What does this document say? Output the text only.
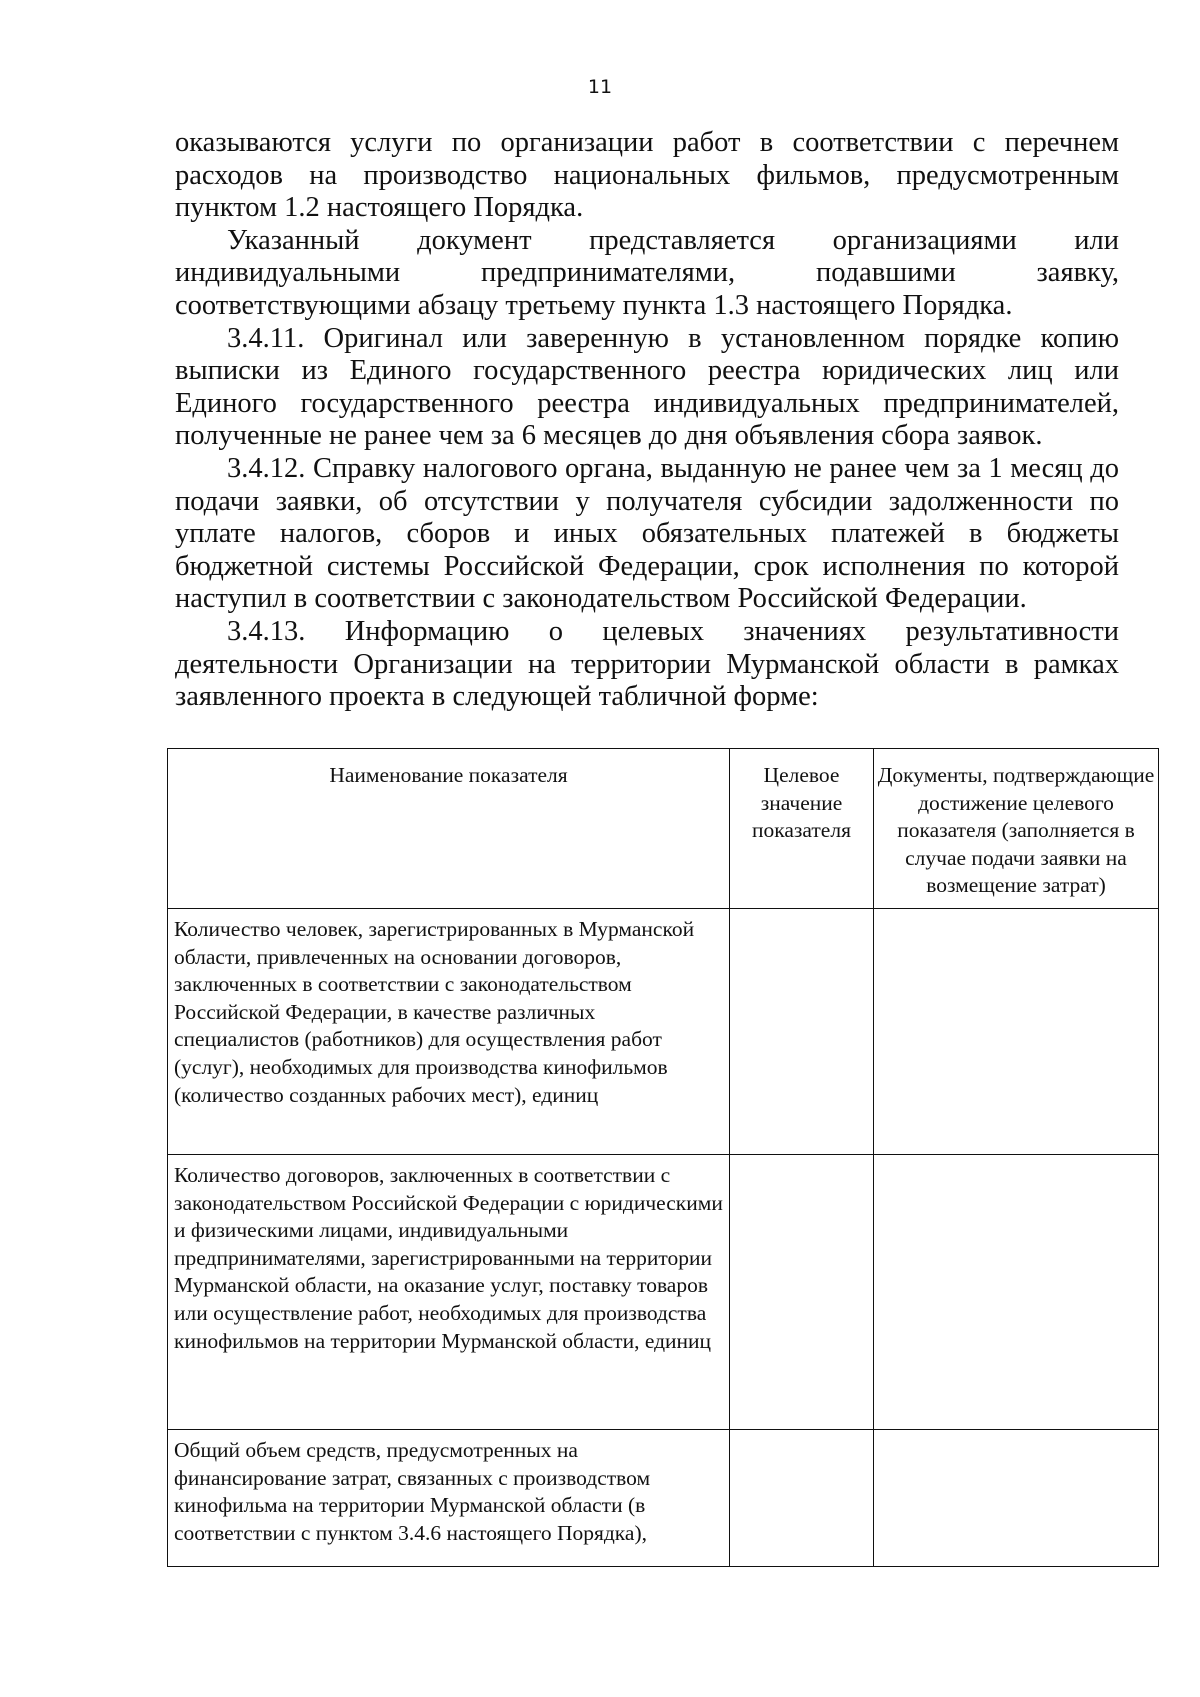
11

оказываются услуги по организации работ в соответствии с перечнем расходов на производство национальных фильмов, предусмотренным пунктом 1.2 настоящего Порядка.

Указанный документ представляется организациями или индивидуальными предпринимателями, подавшими заявку, соответствующими абзацу третьему пункта 1.3 настоящего Порядка.

3.4.11. Оригинал или заверенную в установленном порядке копию выписки из Единого государственного реестра юридических лиц или Единого государственного реестра индивидуальных предпринимателей, полученные не ранее чем за 6 месяцев до дня объявления сбора заявок.

3.4.12. Справку налогового органа, выданную не ранее чем за 1 месяц до подачи заявки, об отсутствии у получателя субсидии задолженности по уплате налогов, сборов и иных обязательных платежей в бюджеты бюджетной системы Российской Федерации, срок исполнения по которой наступил в соответствии с законодательством Российской Федерации.

3.4.13. Информацию о целевых значениях результативности деятельности Организации на территории Мурманской области в рамках заявленного проекта в следующей табличной форме:

Наименование показателя	Целевое значение показателя	Документы, подтверждающие достижение целевого показателя (заполняется в случае подачи заявки на возмещение затрат)
Количество человек, зарегистрированных в Мурманской области, привлеченных на основании договоров, заключенных в соответствии с законодательством Российской Федерации, в качестве различных специалистов (работников) для осуществления работ (услуг), необходимых для производства кинофильмов (количество созданных рабочих мест), единиц		
Количество договоров, заключенных в соответствии с законодательством Российской Федерации с юридическими и физическими лицами, индивидуальными предпринимателями, зарегистрированными на территории Мурманской области, на оказание услуг, поставку товаров или осуществление работ, необходимых для производства кинофильмов на территории Мурманской области, единиц		
Общий объем средств, предусмотренных на финансирование затрат, связанных с производством кинофильма на территории Мурманской области (в соответствии с пунктом 3.4.6 настоящего Порядка),		
